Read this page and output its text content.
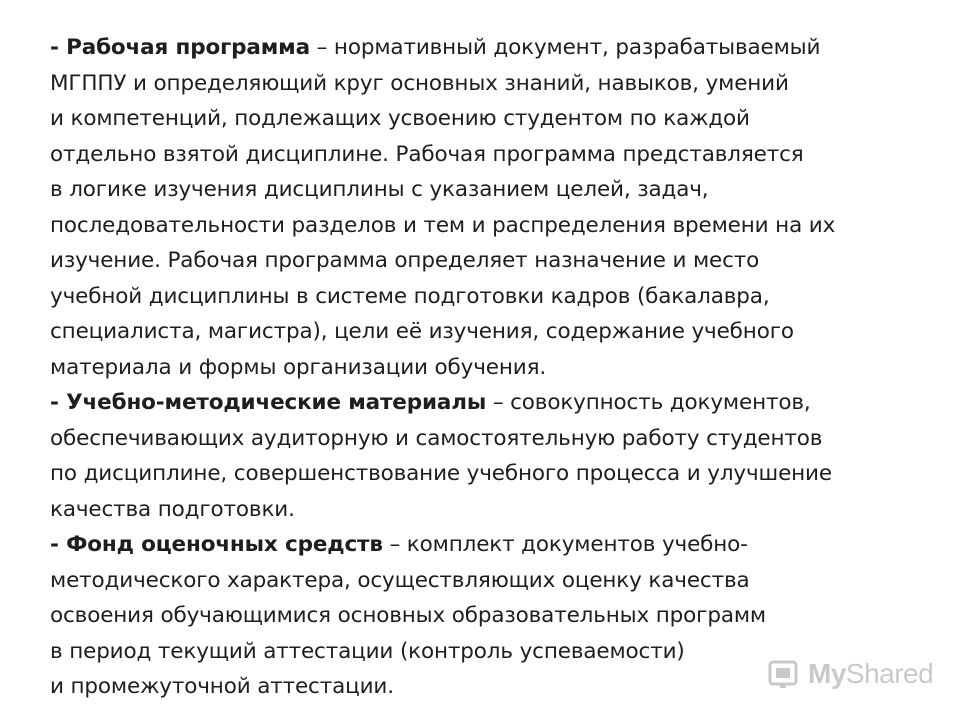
- Рабочая программа – нормативный документ, разрабатываемый
МГППУ и определяющий круг основных знаний, навыков, умений
и компетенций, подлежащих усвоению студентом по каждой
отдельно взятой дисциплине. Рабочая программа представляется
в логике изучения дисциплины с указанием целей, задач,
последовательности разделов и тем и распределения времени на их
изучение. Рабочая программа определяет назначение и место
учебной дисциплины в системе подготовки кадров (бакалавра,
специалиста, магистра), цели её изучения, содержание учебного
материала и формы организации обучения.
- Учебно-методические материалы – совокупность документов,
обеспечивающих аудиторную и самостоятельную работу студентов
по дисциплине, совершенствование учебного процесса и улучшение
качества подготовки.
- Фонд оценочных средств – комплект документов учебно-
методического характера, осуществляющих оценку качества
освоения обучающимися основных образовательных программ
в период текущий аттестации (контроль успеваемости)
и промежуточной аттестации.	MyShared
